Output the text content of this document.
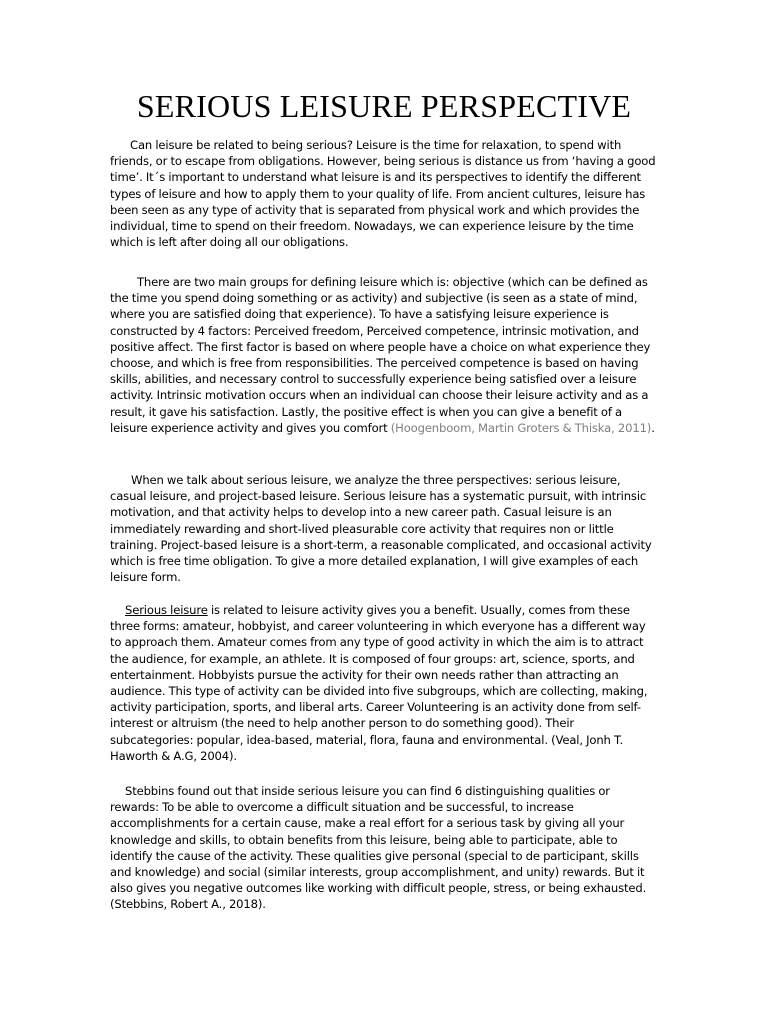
SERIOUS LEISURE PERSPECTIVE

Can leisure be related to being serious? Leisure is the time for relaxation, to spend with friends, or to escape from obligations. However, being serious is distance us from ‘having a good time’. It´s important to understand what leisure is and its perspectives to identify the different types of leisure and how to apply them to your quality of life. From ancient cultures, leisure has been seen as any type of activity that is separated from physical work and which provides the individual, time to spend on their freedom. Nowadays, we can experience leisure by the time which is left after doing all our obligations.

There are two main groups for defining leisure which is: objective (which can be defined as the time you spend doing something or as activity) and subjective (is seen as a state of mind, where you are satisfied doing that experience). To have a satisfying leisure experience is constructed by 4 factors: Perceived freedom, Perceived competence, intrinsic motivation, and positive affect. The first factor is based on where people have a choice on what experience they choose, and which is free from responsibilities. The perceived competence is based on having skills, abilities, and necessary control to successfully experience being satisfied over a leisure activity. Intrinsic motivation occurs when an individual can choose their leisure activity and as a result, it gave his satisfaction. Lastly, the positive effect is when you can give a benefit of a leisure experience activity and gives you comfort (Hoogenboom, Martin Groters & Thiska, 2011).

When we talk about serious leisure, we analyze the three perspectives: serious leisure, casual leisure, and project-based leisure. Serious leisure has a systematic pursuit, with intrinsic motivation, and that activity helps to develop into a new career path. Casual leisure is an immediately rewarding and short-lived pleasurable core activity that requires non or little training. Project-based leisure is a short-term, a reasonable complicated, and occasional activity which is free time obligation. To give a more detailed explanation, I will give examples of each leisure form.

Serious leisure is related to leisure activity gives you a benefit. Usually, comes from these three forms: amateur, hobbyist, and career volunteering in which everyone has a different way to approach them. Amateur comes from any type of good activity in which the aim is to attract the audience, for example, an athlete. It is composed of four groups: art, science, sports, and entertainment. Hobbyists pursue the activity for their own needs rather than attracting an audience. This type of activity can be divided into five subgroups, which are collecting, making, activity participation, sports, and liberal arts. Career Volunteering is an activity done from self-interest or altruism (the need to help another person to do something good). Their subcategories: popular, idea-based, material, flora, fauna and environmental. (Veal, Jonh T. Haworth & A.G, 2004).

Stebbins found out that inside serious leisure you can find 6 distinguishing qualities or rewards: To be able to overcome a difficult situation and be successful, to increase accomplishments for a certain cause, make a real effort for a serious task by giving all your knowledge and skills, to obtain benefits from this leisure, being able to participate, able to identify the cause of the activity. These qualities give personal (special to de participant, skills and knowledge) and social (similar interests, group accomplishment, and unity) rewards. But it also gives you negative outcomes like working with difficult people, stress, or being exhausted. (Stebbins, Robert A., 2018).
